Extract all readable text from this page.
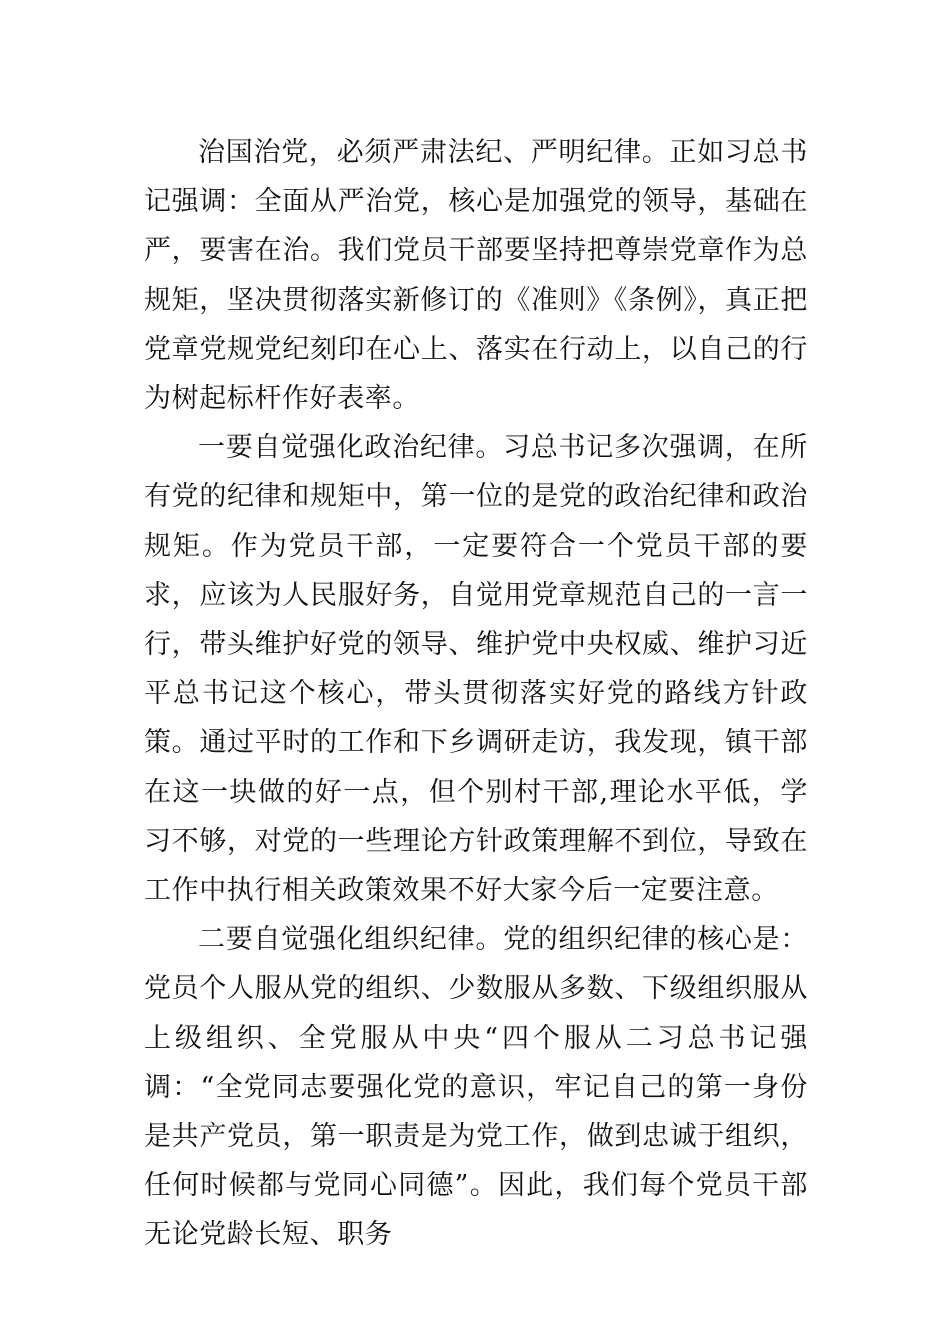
治国治党，必须严肃法纪、严明纪律。正如习总书记强调：全面从严治党，核心是加强党的领导，基础在严，要害在治。我们党员干部要坚持把尊崇党章作为总规矩，坚决贯彻落实新修订的《准则》《条例》，真正把党章党规党纪刻印在心上、落实在行动上，以自己的行为树起标杆作好表率。

一要自觉强化政治纪律。习总书记多次强调，在所有党的纪律和规矩中，第一位的是党的政治纪律和政治规矩。作为党员干部，一定要符合一个党员干部的要求，应该为人民服好务，自觉用党章规范自己的一言一行，带头维护好党的领导、维护党中央权威、维护习近平总书记这个核心，带头贯彻落实好党的路线方针政策。通过平时的工作和下乡调研走访，我发现，镇干部在这一块做的好一点，但个别村干部,理论水平低，学习不够，对党的一些理论方针政策理解不到位，导致在工作中执行相关政策效果不好大家今后一定要注意。

二要自觉强化组织纪律。党的组织纪律的核心是：党员个人服从党的组织、少数服从多数、下级组织服从上级组织、全党服从中央“四个服从二习总书记强调：“全党同志要强化党的意识，牢记自己的第一身份是共产党员，第一职责是为党工作，做到忠诚于组织，任何时候都与党同心同德”。因此，我们每个党员干部无论党龄长短、职务
